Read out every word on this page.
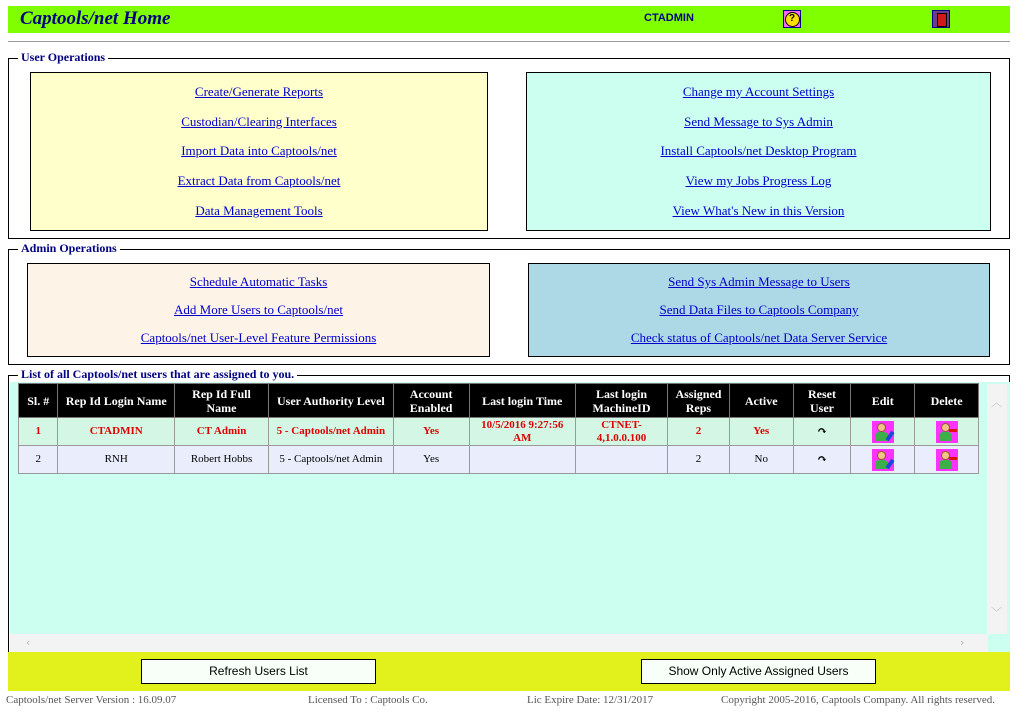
Captools/net Home	CTADMIN	?
User Operations
Create/Generate Reports
Custodian/Clearing Interfaces
Import Data into Captools/net
Extract Data from Captools/net
Data Management Tools
Change my Account Settings
Send Message to Sys Admin
Install Captools/net Desktop Program
View my Jobs Progress Log
View What's New in this Version
Admin Operations
Schedule Automatic Tasks
Add More Users to Captools/net
Captools/net User-Level Feature Permissions
Send Sys Admin Message to Users
Send Data Files to Captools Company
Check status of Captools/net Data Server Service
List of all Captools/net users that are assigned to you.
Sl. #	Rep Id Login Name	Rep Id Full Name	User Authority Level	Account Enabled	Last login Time	Last login MachineID	Assigned Reps	Active	Reset User	Edit	Delete
1	CTADMIN	CT Admin	5 - Captools/net Admin	Yes	10/5/2016 9:27:56 AM	CTNET-4,1.0.0.100	2	Yes	↷	

2	RNH	Robert Hobbs	5 - Captools/net Admin	Yes			2	No	↷	

︿
﹀
‹	›
Refresh Users List	Show Only Active Assigned Users
Captools/net Server Version : 16.09.07	Licensed To : Captools Co.	Lic Expire Date: 12/31/2017	Copyright 2005-2016, Captools Company. All rights reserved.
